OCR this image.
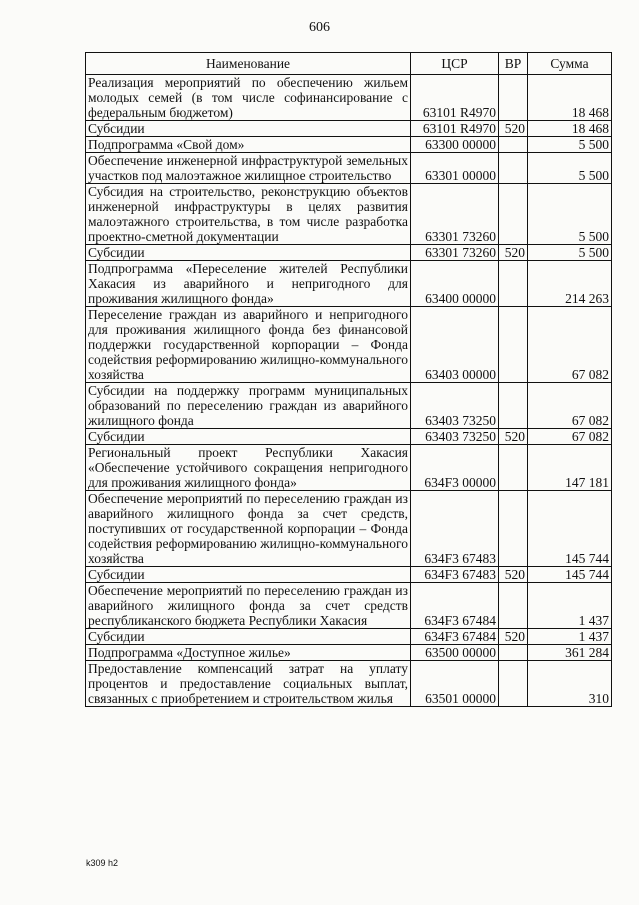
606
Наименование	ЦСР	ВР	Сумма
Реализация мероприятий по обеспечению жильем молодых семей (в том числе софинансирование с федеральным бюджетом)	63101 R4970		18 468
Субсидии	63101 R4970	520	18 468
Подпрограмма «Свой дом»	63300 00000		5 500
Обеспечение инженерной инфраструктурой земельных участков под малоэтажное жилищное строительство	63301 00000		5 500
Субсидия на строительство, реконструкцию объектов инженерной инфраструктуры в целях развития малоэтажного строительства, в том числе разработка проектно-сметной документации	63301 73260		5 500
Субсидии	63301 73260	520	5 500
Подпрограмма «Переселение жителей Республики Хакасия из аварийного и непригодного для проживания жилищного фонда»	63400 00000		214 263
Переселение граждан из аварийного и непригодного для проживания жилищного фонда без финансовой поддержки государственной корпорации – Фонда содействия реформированию жилищно-коммунального хозяйства	63403 00000		67 082
Субсидии на поддержку программ муниципальных образований по переселению граждан из аварийного жилищного фонда	63403 73250		67 082
Субсидии	63403 73250	520	67 082
Региональный проект Республики Хакасия «Обеспечение устойчивого сокращения непригодного для проживания жилищного фонда»	634F3 00000		147 181
Обеспечение мероприятий по переселению граждан из аварийного жилищного фонда за счет средств, поступивших от государственной корпорации – Фонда содействия реформированию жилищно-коммунального хозяйства	634F3 67483		145 744
Субсидии	634F3 67483	520	145 744
Обеспечение мероприятий по переселению граждан из аварийного жилищного фонда за счет средств республиканского бюджета Республики Хакасия	634F3 67484		1 437
Субсидии	634F3 67484	520	1 437
Подпрограмма «Доступное жилье»	63500 00000		361 284
Предоставление компенсаций затрат на уплату процентов и предоставление социальных выплат, связанных с приобретением и строительством жилья	63501 00000		310
k309 h2
